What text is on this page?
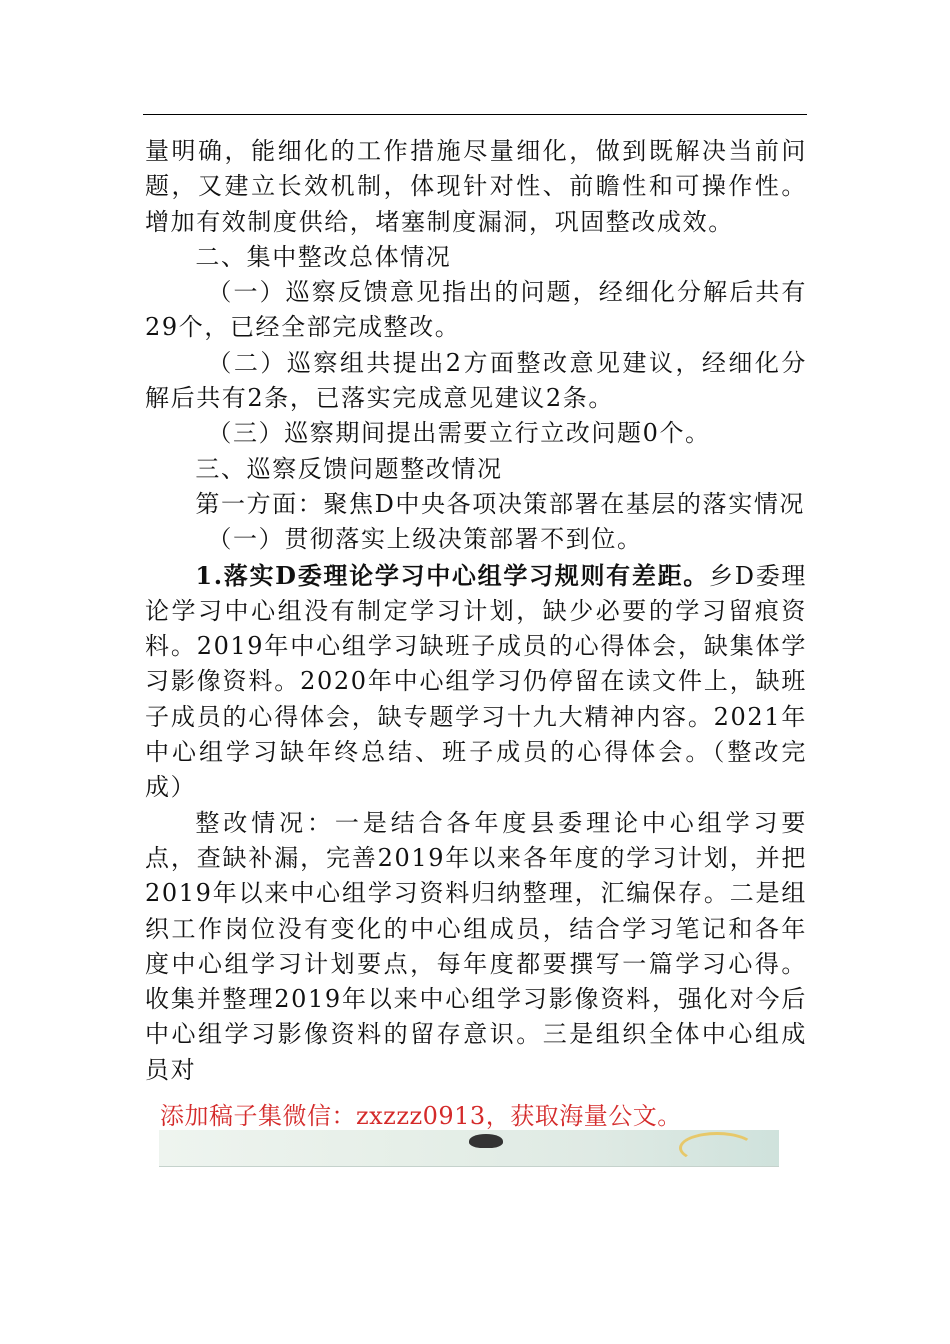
量明确，能细化的工作措施尽量细化，做到既解决当前问题，又建立长效机制，体现针对性、前瞻性和可操作性。增加有效制度供给，堵塞制度漏洞，巩固整改成效。

二、集中整改总体情况

（一）巡察反馈意见指出的问题，经细化分解后共有29个，已经全部完成整改。

（二）巡察组共提出2方面整改意见建议，经细化分解后共有2条，已落实完成意见建议2条。

（三）巡察期间提出需要立行立改问题0个。

三、巡察反馈问题整改情况

第一方面：聚焦D中央各项决策部署在基层的落实情况

（一）贯彻落实上级决策部署不到位。

1.落实D委理论学习中心组学习规则有差距。乡D委理论学习中心组没有制定学习计划，缺少必要的学习留痕资料。2019年中心组学习缺班子成员的心得体会，缺集体学习影像资料。2020年中心组学习仍停留在读文件上，缺班子成员的心得体会，缺专题学习十九大精神内容。2021年中心组学习缺年终总结、班子成员的心得体会。（整改完成）

整改情况：一是结合各年度县委理论中心组学习要点，查缺补漏，完善2019年以来各年度的学习计划，并把2019年以来中心组学习资料归纳整理，汇编保存。二是组织工作岗位没有变化的中心组成员，结合学习笔记和各年度中心组学习计划要点，每年度都要撰写一篇学习心得。收集并整理2019年以来中心组学习影像资料，强化对今后中心组学习影像资料的留存意识。三是组织全体中心组成员对

添加稿子集微信：zxzzz0913，获取海量公文。
